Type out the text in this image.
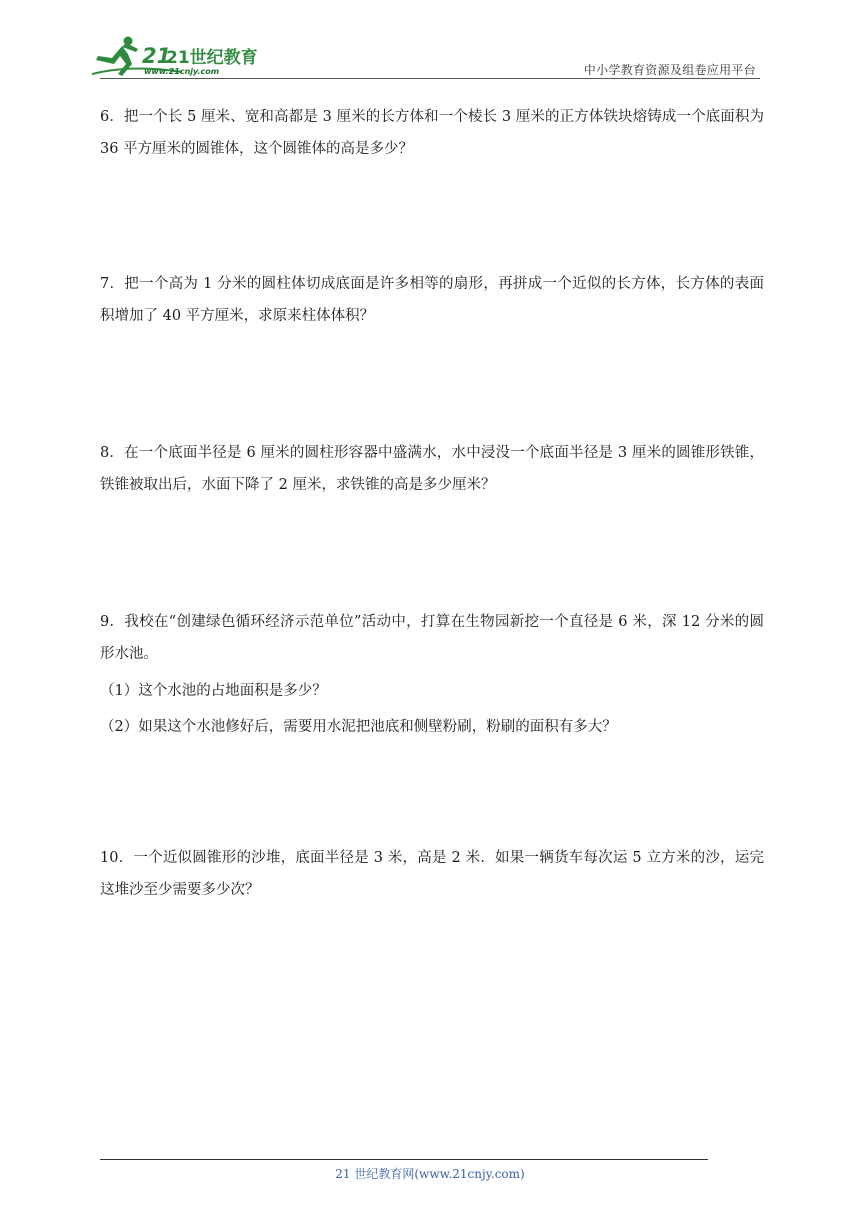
21
21世纪教育
www.21cnjy.com	中小学教育资源及组卷应用平台

6．把一个长 5 厘米、宽和高都是 3 厘米的长方体和一个棱长 3 厘米的正方体铁块熔铸成一个底面积为 36 平方厘米的圆锥体，这个圆锥体的高是多少？

7．把一个高为 1 分米的圆柱体切成底面是许多相等的扇形，再拼成一个近似的长方体，长方体的表面积增加了 40 平方厘米，求原来柱体体积？

8．在一个底面半径是 6 厘米的圆柱形容器中盛满水，水中浸没一个底面半径是 3 厘米的圆锥形铁锥，铁锥被取出后，水面下降了 2 厘米，求铁锥的高是多少厘米？

9．我校在“创建绿色循环经济示范单位”活动中，打算在生物园新挖一个直径是 6 米，深 12 分米的圆形水池。

（1）这个水池的占地面积是多少？

（2）如果这个水池修好后，需要用水泥把池底和侧壁粉刷，粉刷的面积有多大？

10．一个近似圆锥形的沙堆，底面半径是 3 米，高是 2 米．如果一辆货车每次运 5 立方米的沙，运完这堆沙至少需要多少次？

21 世纪教育网(www.21cnjy.com)
